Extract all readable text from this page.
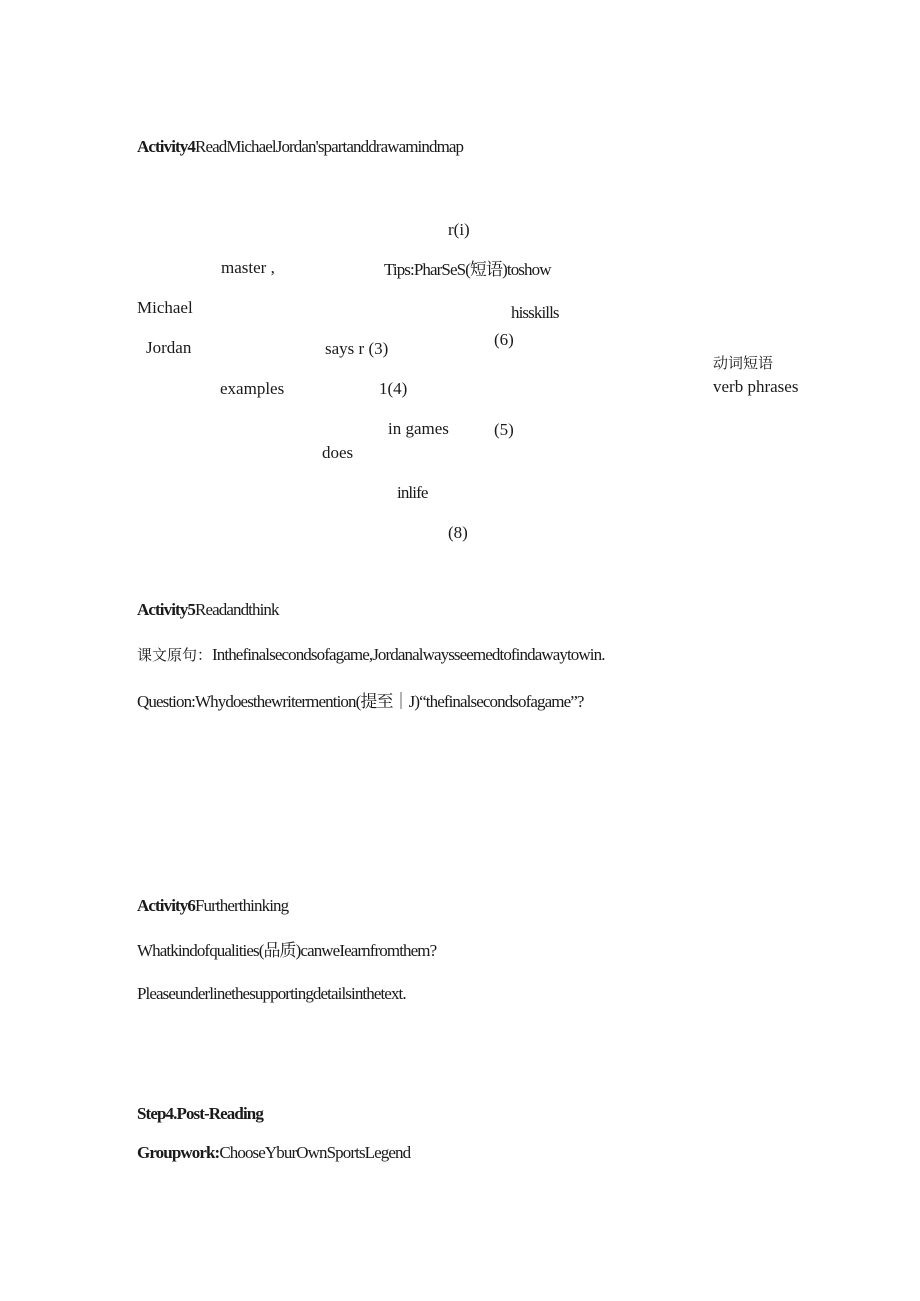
Activity4ReadMichaelJordan'spartanddrawamindmap
r(i)
master ,	Tips:PharSeS(短语)toshow
Michael	hisskills
(6)
Jordan	says r (3)
examples	1(4)
in games	(5)
does
inlife
(8)
动词短语
verb phrases
Activity5Readandthink
课文原句：Inthefinalsecondsofagame,Jordanalwaysseemedtofindawaytowin.
Question:Whydoesthewritermention(提至｜J)“thefinalsecondsofagame”?
Activity6Furtherthinking
Whatkindofqualities(品质)canweIearnfromthem?
Pleaseunderlinethesupportingdetailsinthetext.
Step4.Post-Reading
Groupwork:ChooseYburOwnSportsLegend
